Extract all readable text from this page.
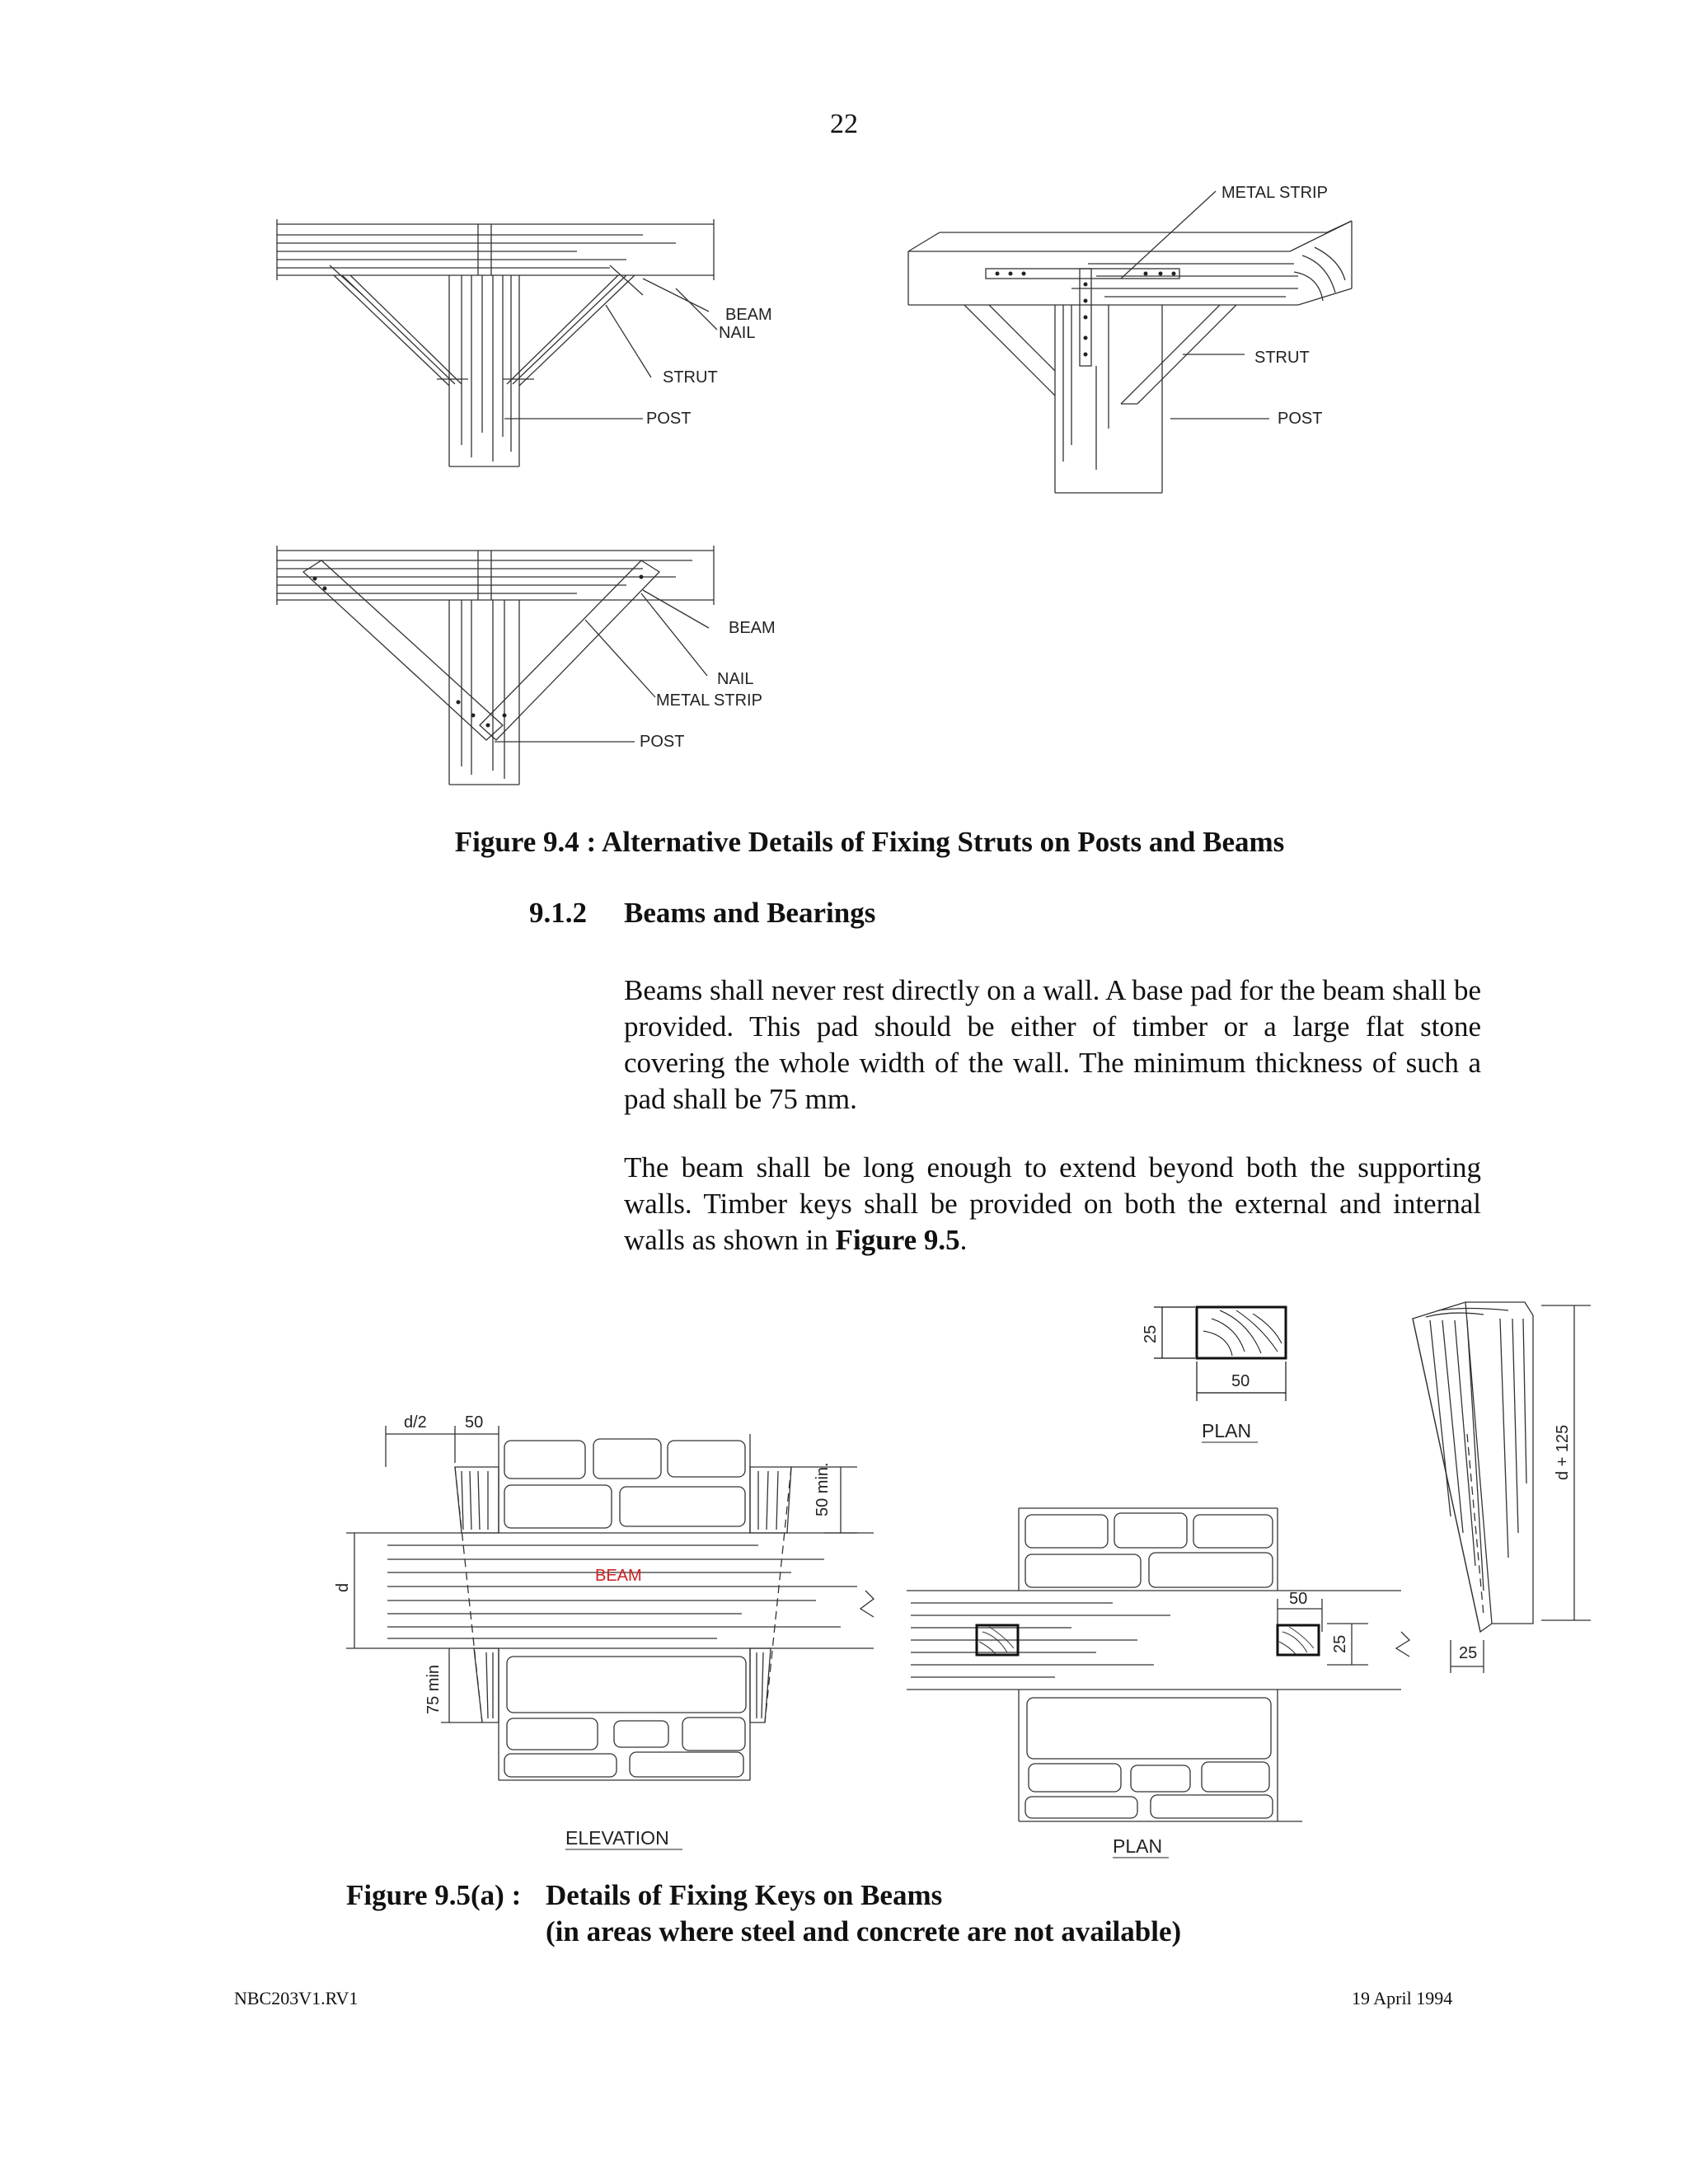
22
METAL STRIP
BEAM
NAIL
STRUT
POST
STRUT
POST
BEAM
NAIL
METAL STRIP
POST
Figure 9.4 : Alternative Details of Fixing Struts on Posts and Beams
9.1.2 Beams and Bearings
Beams shall never rest directly on a wall. A base pad for the beam shall be provided. This pad should be either of timber or a large flat stone covering the whole width of the wall. The minimum thickness of such a pad shall be 75 mm.
The beam shall be long enough to extend beyond both the supporting walls. Timber keys shall be provided on both the external and internal walls as shown in Figure 9.5.
d/2 50
d
50 min.
75 min
25
50
50
25
d + 125
25
BEAM
ELEVATION
PLAN
PLAN
Figure 9.5(a) : Details of Fixing Keys on Beams
(in areas where steel and concrete are not available)
NBC203V1.RV1	19 April 1994
